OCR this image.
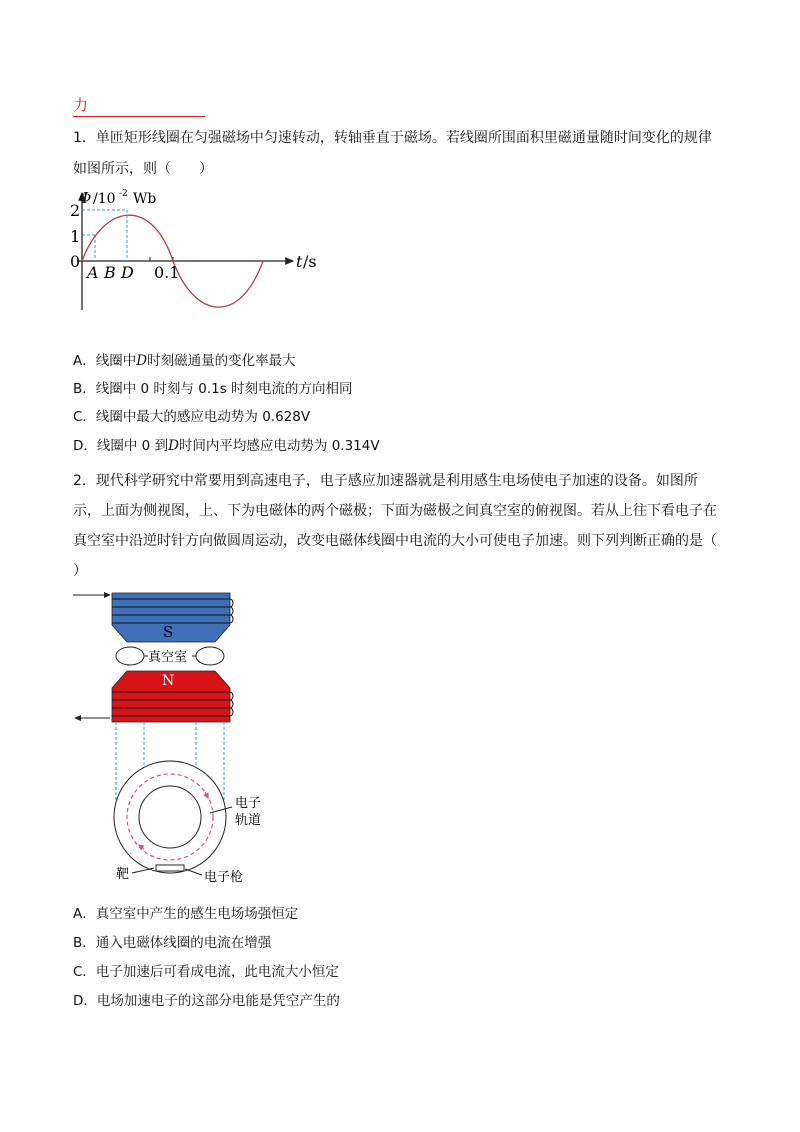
力
1．单匝矩形线圈在匀强磁场中匀速转动，转轴垂直于磁场。若线圈所围面积里磁通量随时间变化的规律
如图所示，则（　　）
Φ /10 -2 Wb
2
1
0
A B D 0.1
t /s
A．线圈中D时刻磁通量的变化率最大
B．线圈中 0 时刻与 0.1s 时刻电流的方向相同
C．线圈中最大的感应电动势为 0.628V
D．线圈中 0 到D时间内平均感应电动势为 0.314V
2．现代科学研究中常要用到高速电子，电子感应加速器就是利用感生电场使电子加速的设备。如图所
示，上面为侧视图，上、下为电磁体的两个磁极；下面为磁极之间真空室的俯视图。若从上往下看电子在
真空室中沿逆时针方向做圆周运动，改变电磁体线圈中电流的大小可使电子加速。则下列判断正确的是（
）
S
真空室
N
电子
轨道
靶	电子枪
A．真空室中产生的感生电场场强恒定
B．通入电磁体线圈的电流在增强
C．电子加速后可看成电流，此电流大小恒定
D．电场加速电子的这部分电能是凭空产生的
